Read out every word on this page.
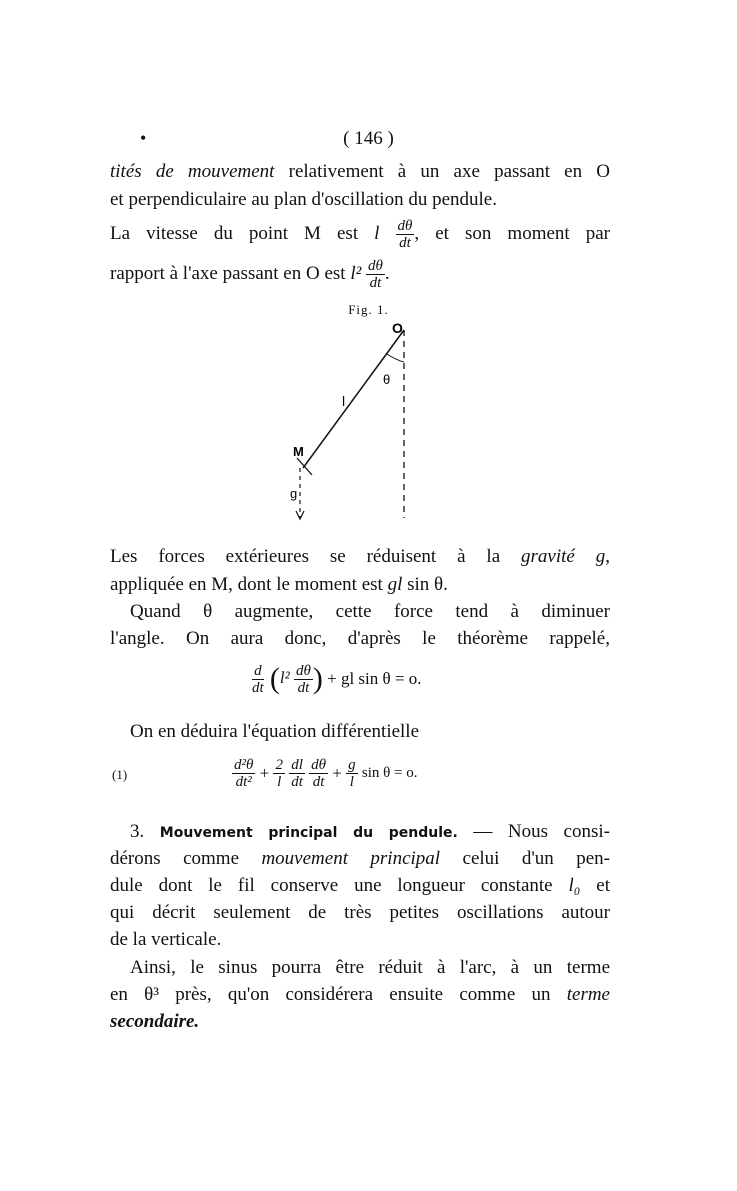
•	( 146 )
tités de mouvement relativement à un axe passant en O
et perpendiculaire au plan d'oscillation du pendule.
La vitesse du point M est l $\frac{d\theta}{dt}$ , et son moment par
rapport à l'axe passant en O est $l^2 \frac{d\theta}{dt}$ .
Fig. 1.
O
θ
l
M
g
Les forces extérieures se réduisent à la gravité g,
appliquée en M, dont le moment est gl sin θ.
Quand θ augmente, cette force tend à diminuer
l'angle. On aura donc, d'après le théorème rappelé,
$\frac{d}{dt} (l^2 \frac{d\theta}{dt}$ ) + gl sin θ = o.
On en déduira l'équation différentielle
(1)	$\frac{\text{d²θ}}{\text{dt²}} + \frac{2}{l}$
$\frac{dl}{dt}$
$\frac{d\theta}{dt} + \frac{g}{l}$ sin θ = o.
3. Mouvement principal du pendule. — Nous consi-
dérons comme mouvement principal celui d'un pen-
dule dont le fil conserve une longueur constante l₀ et
qui décrit seulement de très petites oscillations autour
de la verticale.
Ainsi, le sinus pourra être réduit à l'arc, à un terme
en θ³ près, qu'on considérera ensuite comme un terme
secondaire.
